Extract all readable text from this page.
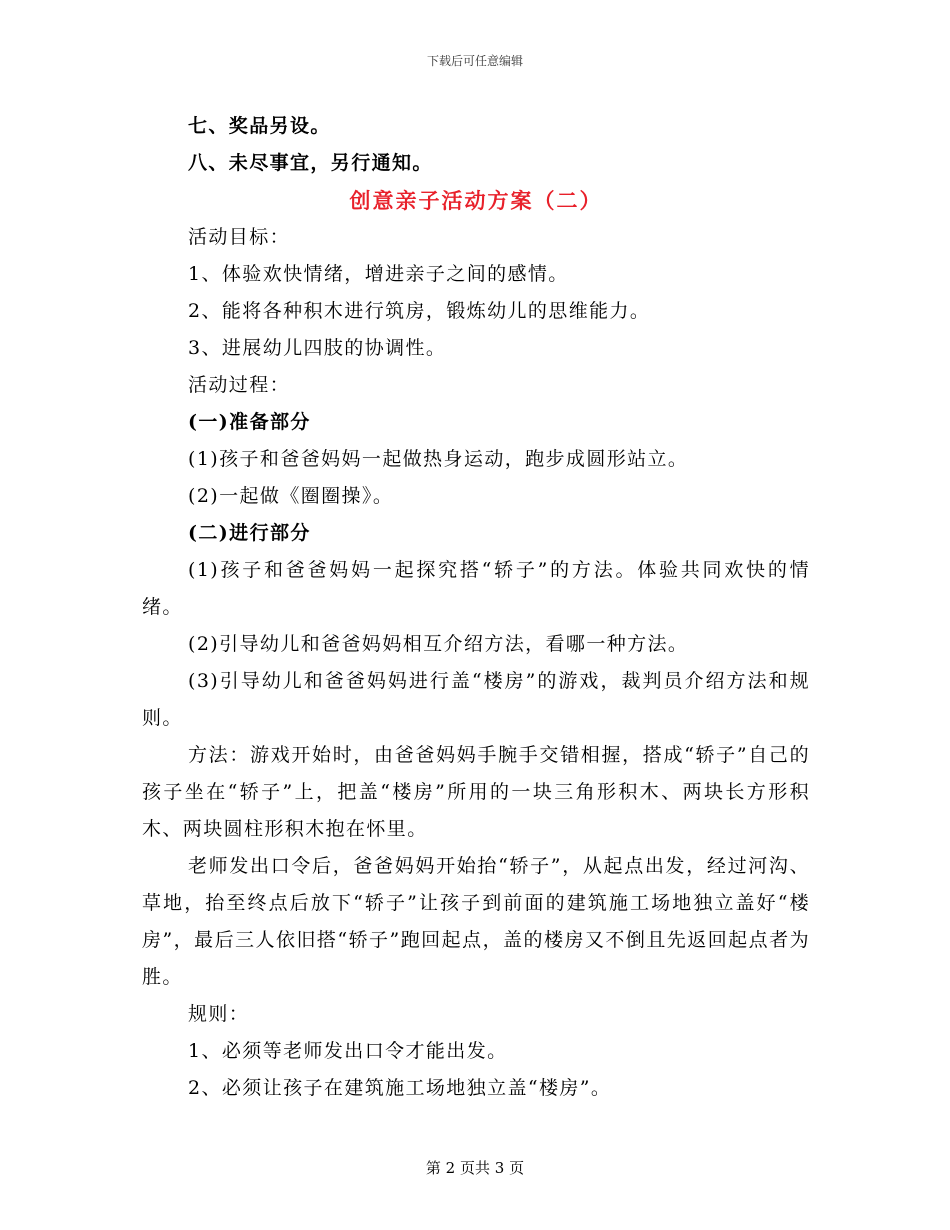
下载后可任意编辑
七、奖品另设。
八、未尽事宜，另行通知。
创意亲子活动方案（二）
活动目标：
1、体验欢快情绪，增进亲子之间的感情。
2、能将各种积木进行筑房，锻炼幼儿的思维能力。
3、进展幼儿四肢的协调性。
活动过程：
(一)准备部分
(1)孩子和爸爸妈妈一起做热身运动，跑步成圆形站立。
(2)一起做《圈圈操》。
(二)进行部分
(1)孩子和爸爸妈妈一起探究搭“轿子”的方法。体验共同欢快的情绪。
(2)引导幼儿和爸爸妈妈相互介绍方法，看哪一种方法。
(3)引导幼儿和爸爸妈妈进行盖“楼房”的游戏，裁判员介绍方法和规则。
方法：游戏开始时，由爸爸妈妈手腕手交错相握，搭成“轿子”自己的孩子坐在“轿子”上，把盖“楼房”所用的一块三角形积木、两块长方形积木、两块圆柱形积木抱在怀里。
老师发出口令后，爸爸妈妈开始抬“轿子”，从起点出发，经过河沟、草地，抬至终点后放下“轿子”让孩子到前面的建筑施工场地独立盖好“楼房”，最后三人依旧搭“轿子”跑回起点，盖的楼房又不倒且先返回起点者为胜。
规则：
1、必须等老师发出口令才能出发。
2、必须让孩子在建筑施工场地独立盖“楼房”。
第 2 页共 3 页
